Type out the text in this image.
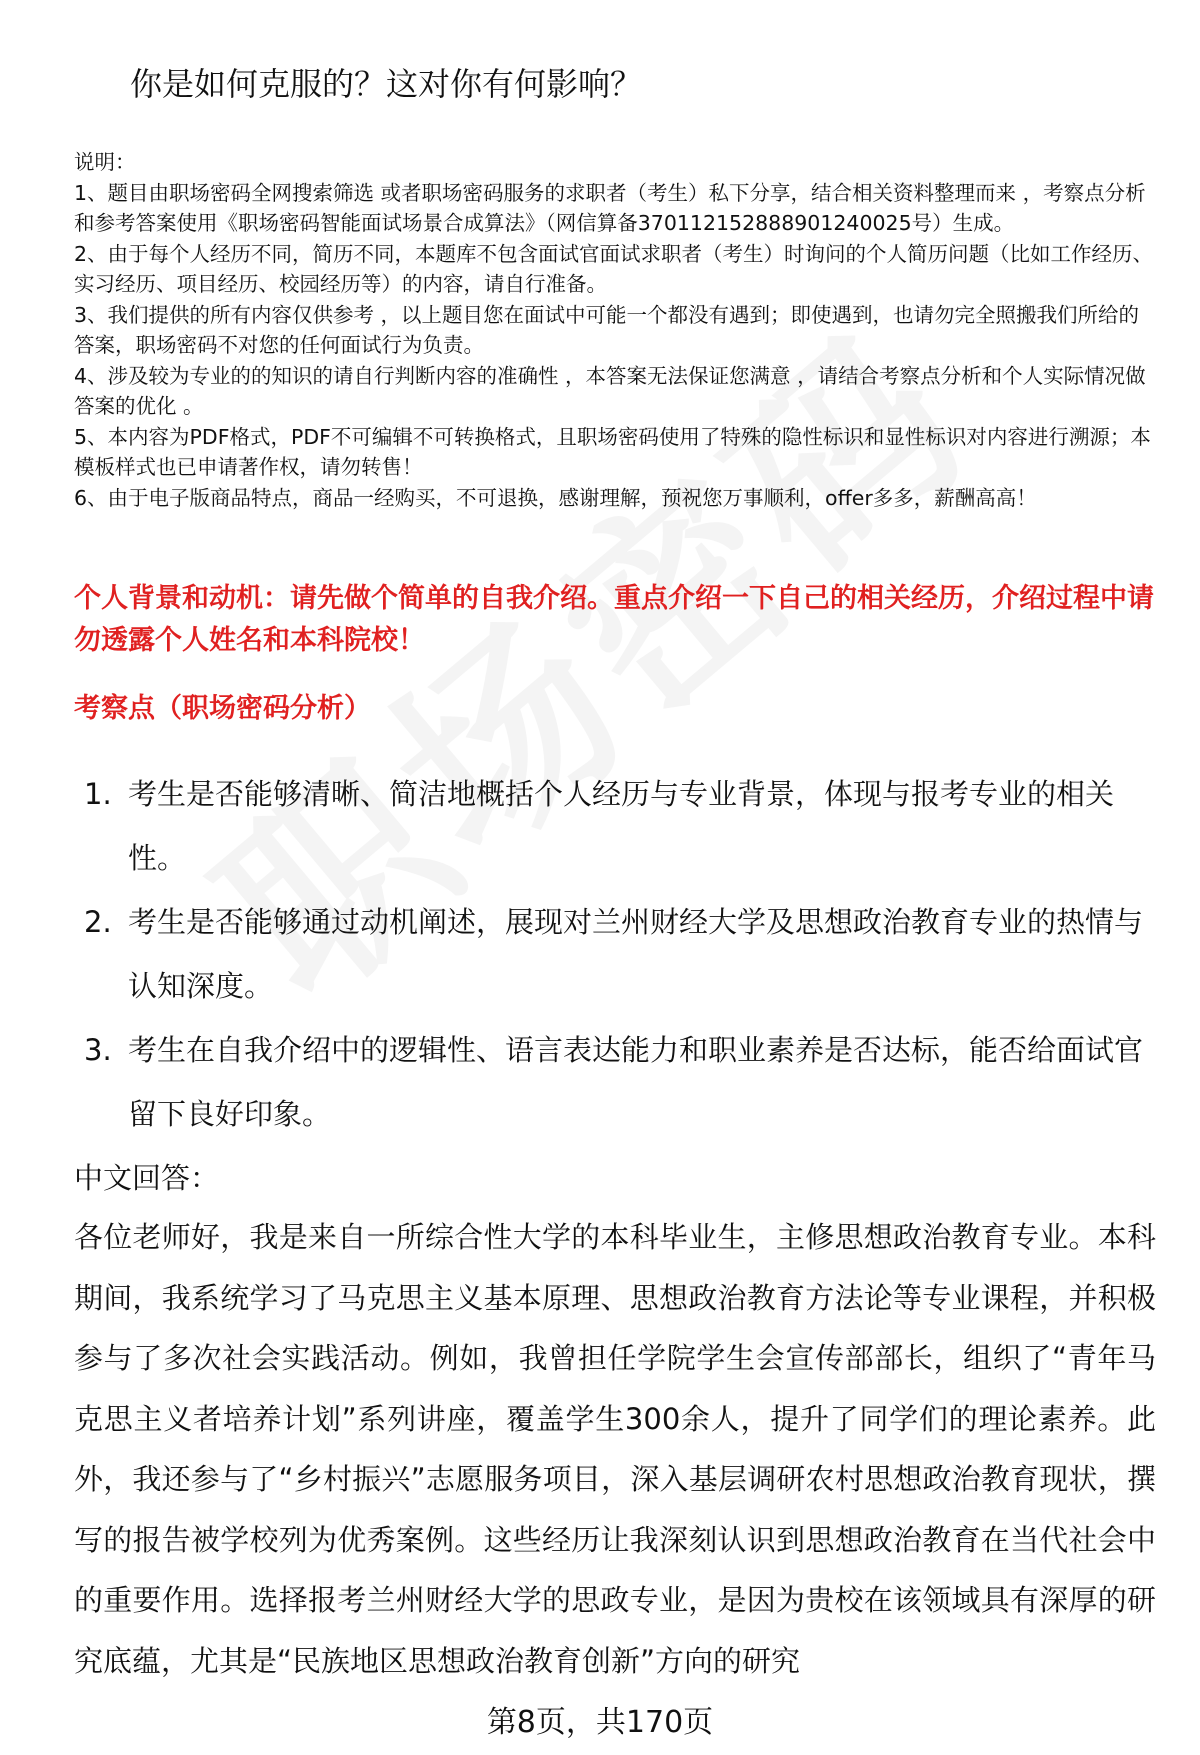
你是如何克服的？这对你有何影响？

说明：

1、题目由职场密码全网搜索筛选 或者职场密码服务的求职者（考生）私下分享，结合相关资料整理而来 ，考察点分析和参考答案使用《职场密码智能面试场景合成算法》（网信算备370112152888901240025号）生成。

2、由于每个人经历不同，简历不同，本题库不包含面试官面试求职者（考生）时询问的个人简历问题（比如工作经历、实习经历、项目经历、校园经历等）的内容，请自行准备。

3、我们提供的所有内容仅供参考 ，以上题目您在面试中可能一个都没有遇到；即使遇到，也请勿完全照搬我们所给的答案，职场密码不对您的任何面试行为负责。

4、涉及较为专业的的知识的请自行判断内容的准确性 ，本答案无法保证您满意 ，请结合考察点分析和个人实际情况做答案的优化 。

5、本内容为PDF格式，PDF不可编辑不可转换格式，且职场密码使用了特殊的隐性标识和显性标识对内容进行溯源；本模板样式也已申请著作权，请勿转售！

6、由于电子版商品特点，商品一经购买，不可退换，感谢理解，预祝您万事顺利，offer多多，薪酬高高！

个人背景和动机：请先做个简单的自我介绍。重点介绍一下自己的相关经历，介绍过程中请勿透露个人姓名和本科院校！
考察点（职场密码分析）
1. 考生是否能够清晰、简洁地概括个人经历与专业背景，体现与报考专业的相关性。
2. 考生是否能够通过动机阐述，展现对兰州财经大学及思想政治教育专业的热情与认知深度。
3. 考生在自我介绍中的逻辑性、语言表达能力和职业素养是否达标，能否给面试官留下良好印象。
中文回答：
各位老师好，我是来自一所综合性大学的本科毕业生，主修思想政治教育专业。本科期间，我系统学习了马克思主义基本原理、思想政治教育方法论等专业课程，并积极参与了多次社会实践活动。例如，我曾担任学院学生会宣传部部长，组织了“青年马克思主义者培养计划”系列讲座，覆盖学生300余人，提升了同学们的理论素养。此外，我还参与了“乡村振兴”志愿服务项目，深入基层调研农村思想政治教育现状，撰写的报告被学校列为优秀案例。这些经历让我深刻认识到思想政治教育在当代社会中的重要作用。选择报考兰州财经大学的思政专业，是因为贵校在该领域具有深厚的研究底蕴，尤其是“民族地区思想政治教育创新”方向的研究
第8页，共170页
